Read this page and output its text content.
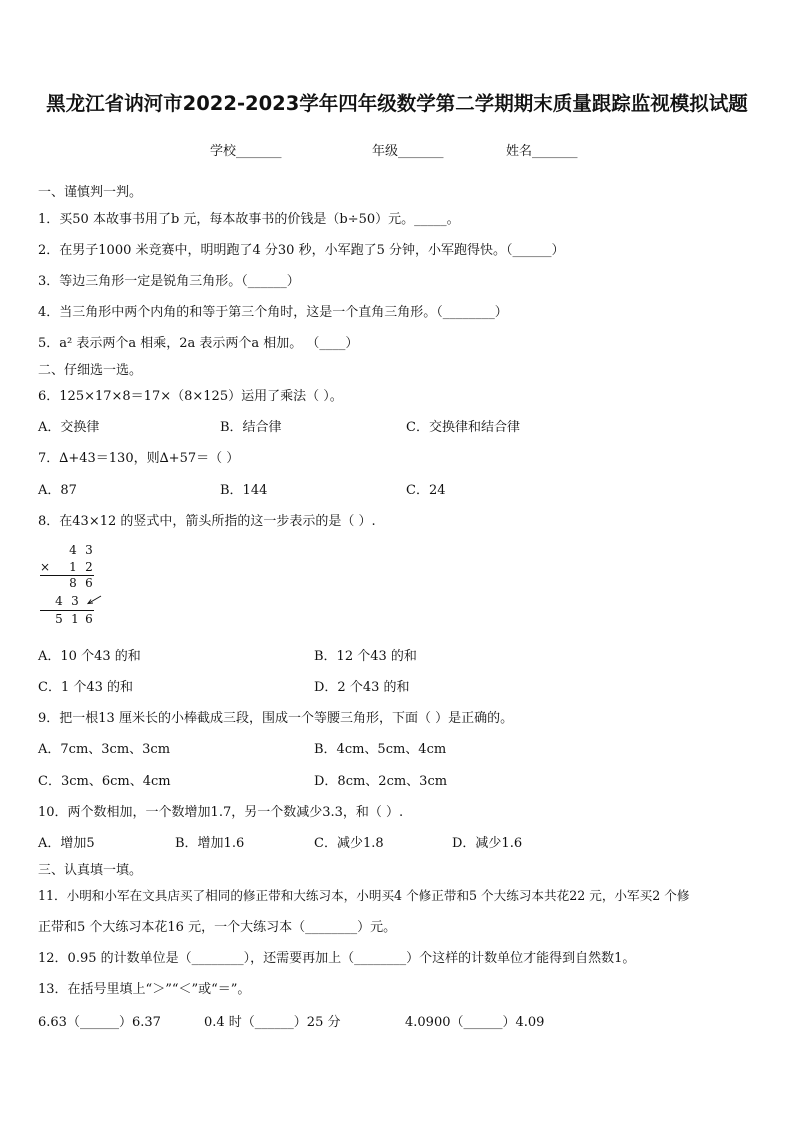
黑龙江省讷河市2022-2023学年四年级数学第二学期期末质量跟踪监视模拟试题
学校_______	年级_______	姓名_______
一、谨慎判一判。
1．买50 本故事书用了b 元，每本故事书的价钱是（b÷50）元。_____。
2．在男子1000 米竞赛中，明明跑了4 分30 秒，小军跑了5 分钟，小军跑得快。（______）
3．等边三角形一定是锐角三角形。（______）
4．当三角形中两个内角的和等于第三个角时，这是一个直角三角形。（________）
5．a² 表示两个a 相乘，2a 表示两个a 相加。 （____）
二、仔细选一选。
6．125×17×8＝17×（8×125）运用了乘法（ ）。
A．交换律	B．结合律	C．交换律和结合律
7．∆+43＝130，则∆+57＝（ ）
A．87	B．144	C．24
8．在43×12 的竖式中，箭头所指的这一步表示的是（ ）.
4 3
× 1 2
8 6
4 3
5 1 6
A．10 个43 的和	B．12 个43 的和
C．1 个43 的和	D．2 个43 的和
9．把一根13 厘米长的小棒截成三段，围成一个等腰三角形，下面（ ）是正确的。
A．7cm、3cm、3cm	B．4cm、5cm、4cm
C．3cm、6cm、4cm	D．8cm、2cm、3cm
10．两个数相加，一个数增加1.7，另一个数减少3.3，和（ ）.
A．增加5	B．增加1.6	C．减少1.8	D．减少1.6
三、认真填一填。
11．小明和小军在文具店买了相同的修正带和大练习本，小明买4 个修正带和5 个大练习本共花22 元，小军买2 个修
正带和5 个大练习本花16 元，一个大练习本（________）元。
12．0.95 的计数单位是（________），还需要再加上（________）个这样的计数单位才能得到自然数1。
13．在括号里填上“＞”“＜”或“＝”。
6.63（______）6.37	0.4 时（______）25 分	4.0900（______）4.09
